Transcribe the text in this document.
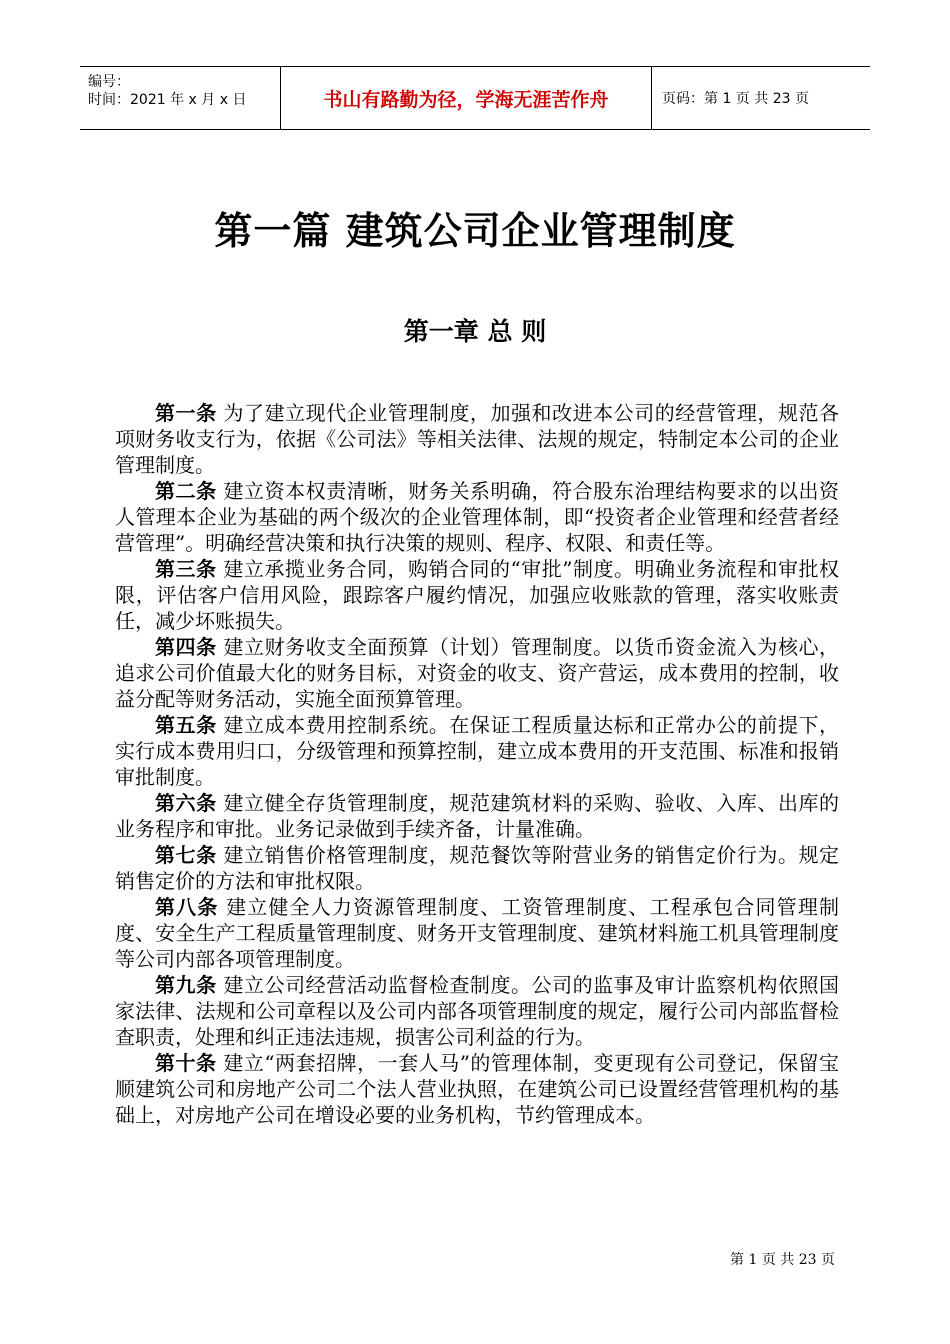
编号：
时间：2021 年 x 月 x 日	书山有路勤为径，学海无涯苦作舟	页码：第 1 页 共 23 页
第一篇 建筑公司企业管理制度
第一章 总 则

第一条 为了建立现代企业管理制度，加强和改进本公司的经营管理，规范各项财务收支行为，依据《公司法》等相关法律、法规的规定，特制定本公司的企业管理制度。

第二条 建立资本权责清晰，财务关系明确，符合股东治理结构要求的以出资人管理本企业为基础的两个级次的企业管理体制，即“投资者企业管理和经营者经营管理”。明确经营决策和执行决策的规则、程序、权限、和责任等。

第三条 建立承揽业务合同，购销合同的“审批”制度。明确业务流程和审批权限，评估客户信用风险，跟踪客户履约情况，加强应收账款的管理，落实收账责任，减少坏账损失。

第四条 建立财务收支全面预算（计划）管理制度。以货币资金流入为核心，追求公司价值最大化的财务目标，对资金的收支、资产营运，成本费用的控制，收益分配等财务活动，实施全面预算管理。

第五条 建立成本费用控制系统。在保证工程质量达标和正常办公的前提下，实行成本费用归口，分级管理和预算控制，建立成本费用的开支范围、标准和报销审批制度。

第六条 建立健全存货管理制度，规范建筑材料的采购、验收、入库、出库的业务程序和审批。业务记录做到手续齐备，计量准确。

第七条 建立销售价格管理制度，规范餐饮等附营业务的销售定价行为。规定销售定价的方法和审批权限。

第八条 建立健全人力资源管理制度、工资管理制度、工程承包合同管理制度、安全生产工程质量管理制度、财务开支管理制度、建筑材料施工机具管理制度等公司内部各项管理制度。

第九条 建立公司经营活动监督检查制度。公司的监事及审计监察机构依照国家法律、法规和公司章程以及公司内部各项管理制度的规定，履行公司内部监督检查职责，处理和纠正违法违规，损害公司利益的行为。

第十条 建立“两套招牌，一套人马”的管理体制，变更现有公司登记，保留宝顺建筑公司和房地产公司二个法人营业执照，在建筑公司已设置经营管理机构的基础上，对房地产公司在增设必要的业务机构，节约管理成本。

第 1 页 共 23 页
